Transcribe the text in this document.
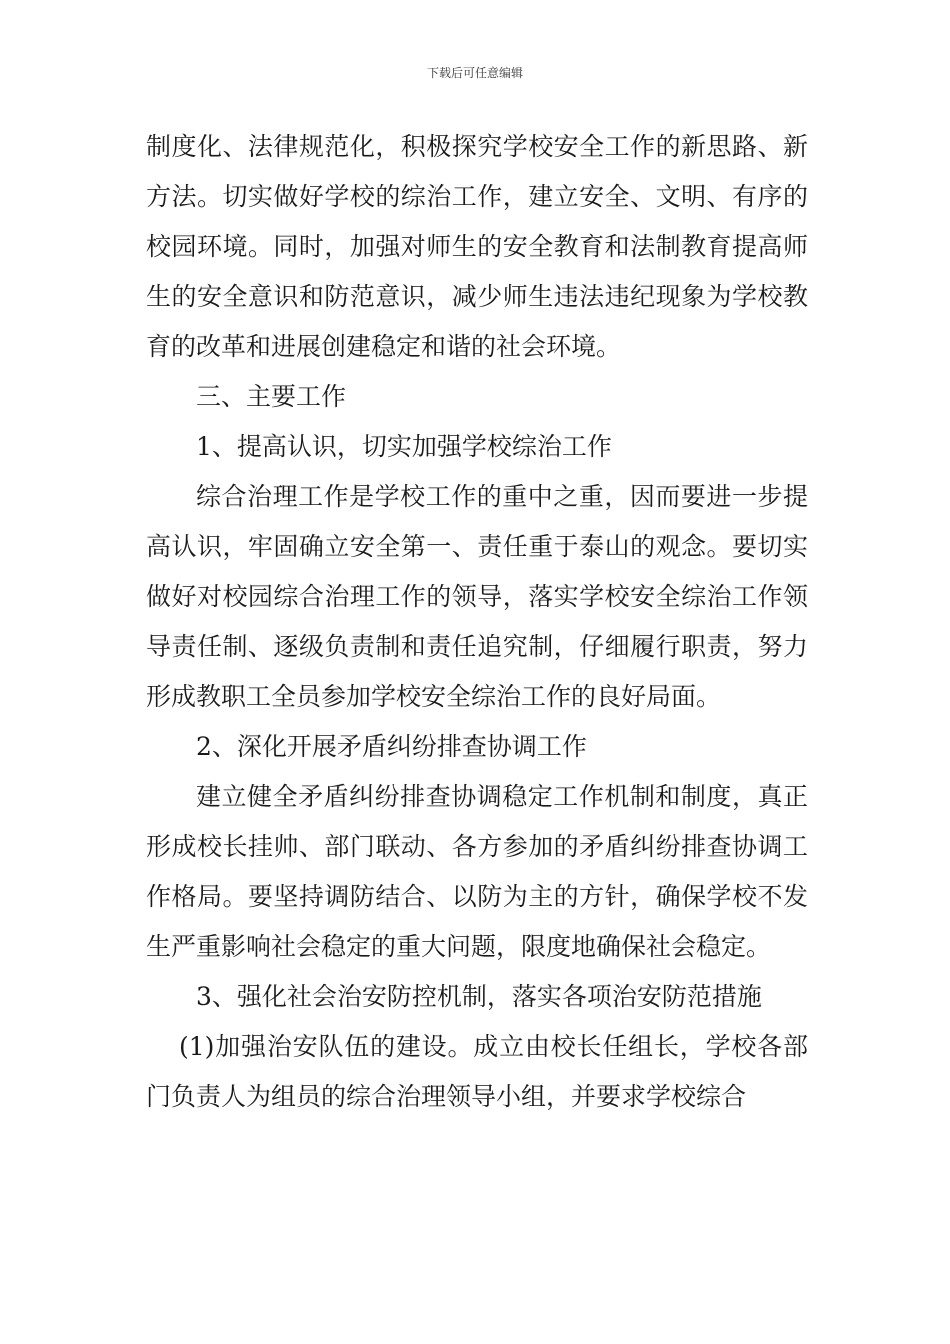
下载后可任意编辑

制度化、法律规范化，积极探究学校安全工作的新思路、新方法。切实做好学校的综治工作，建立安全、文明、有序的校园环境。同时，加强对师生的安全教育和法制教育提高师生的安全意识和防范意识，减少师生违法违纪现象为学校教育的改革和进展创建稳定和谐的社会环境。

三、主要工作

1、提高认识，切实加强学校综治工作

综合治理工作是学校工作的重中之重，因而要进一步提高认识，牢固确立安全第一、责任重于泰山的观念。要切实做好对校园综合治理工作的领导，落实学校安全综治工作领导责任制、逐级负责制和责任追究制，仔细履行职责，努力形成教职工全员参加学校安全综治工作的良好局面。

2、深化开展矛盾纠纷排查协调工作

建立健全矛盾纠纷排查协调稳定工作机制和制度，真正形成校长挂帅、部门联动、各方参加的矛盾纠纷排查协调工作格局。要坚持调防结合、以防为主的方针，确保学校不发生严重影响社会稳定的重大问题，限度地确保社会稳定。

3、强化社会治安防控机制，落实各项治安防范措施

(1)加强治安队伍的建设。成立由校长任组长，学校各部门负责人为组员的综合治理领导小组，并要求学校综合
